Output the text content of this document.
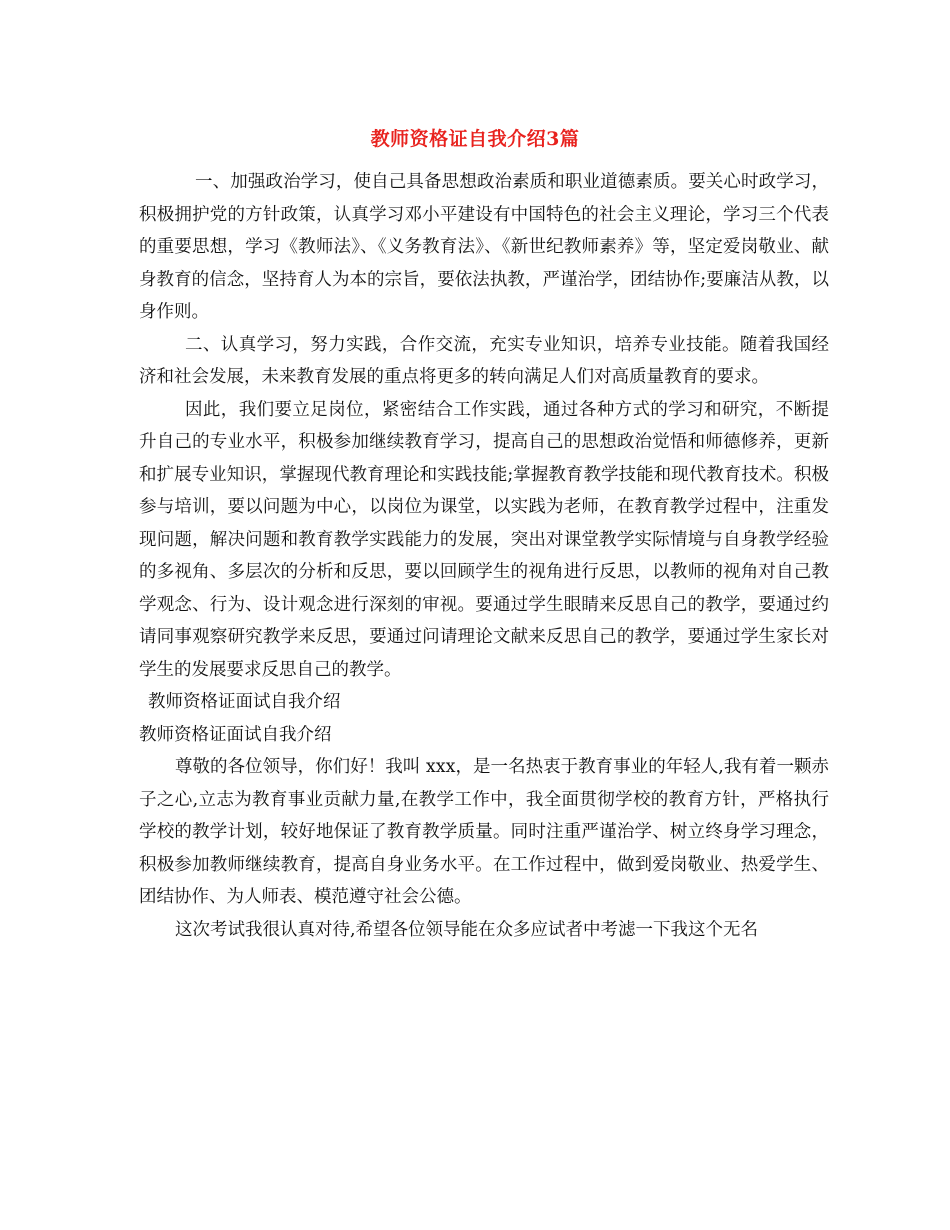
教师资格证自我介绍3篇

一、加强政治学习，使自己具备思想政治素质和职业道德素质。要关心时政学习，积极拥护党的方针政策，认真学习邓小平建设有中国特色的社会主义理论，学习三个代表的重要思想，学习《教师法》、《义务教育法》、《新世纪教师素养》等，坚定爱岗敬业、献身教育的信念，坚持育人为本的宗旨，要依法执教，严谨治学，团结协作;要廉洁从教，以身作则。

二、认真学习，努力实践，合作交流，充实专业知识，培养专业技能。随着我国经济和社会发展，未来教育发展的重点将更多的转向满足人们对高质量教育的要求。

因此，我们要立足岗位，紧密结合工作实践，通过各种方式的学习和研究，不断提升自己的专业水平，积极参加继续教育学习，提高自己的思想政治觉悟和师德修养，更新和扩展专业知识，掌握现代教育理论和实践技能;掌握教育教学技能和现代教育技术。积极参与培训，要以问题为中心，以岗位为课堂，以实践为老师，在教育教学过程中，注重发现问题，解决问题和教育教学实践能力的发展，突出对课堂教学实际情境与自身教学经验的多视角、多层次的分析和反思，要以回顾学生的视角进行反思，以教师的视角对自己教学观念、行为、设计观念进行深刻的审视。要通过学生眼睛来反思自己的教学，要通过约请同事观察研究教学来反思，要通过问请理论文献来反思自己的教学，要通过学生家长对学生的发展要求反思自己的教学。

教师资格证面试自我介绍

教师资格证面试自我介绍

尊敬的各位领导，你们好！我叫 xxx，是一名热衷于教育事业的年轻人,我有着一颗赤子之心,立志为教育事业贡献力量,在教学工作中，我全面贯彻学校的教育方针，严格执行学校的教学计划，较好地保证了教育教学质量。同时注重严谨治学、树立终身学习理念，积极参加教师继续教育，提高自身业务水平。在工作过程中，做到爱岗敬业、热爱学生、团结协作、为人师表、模范遵守社会公德。

这次考试我很认真对待,希望各位领导能在众多应试者中考滤一下我这个无名
